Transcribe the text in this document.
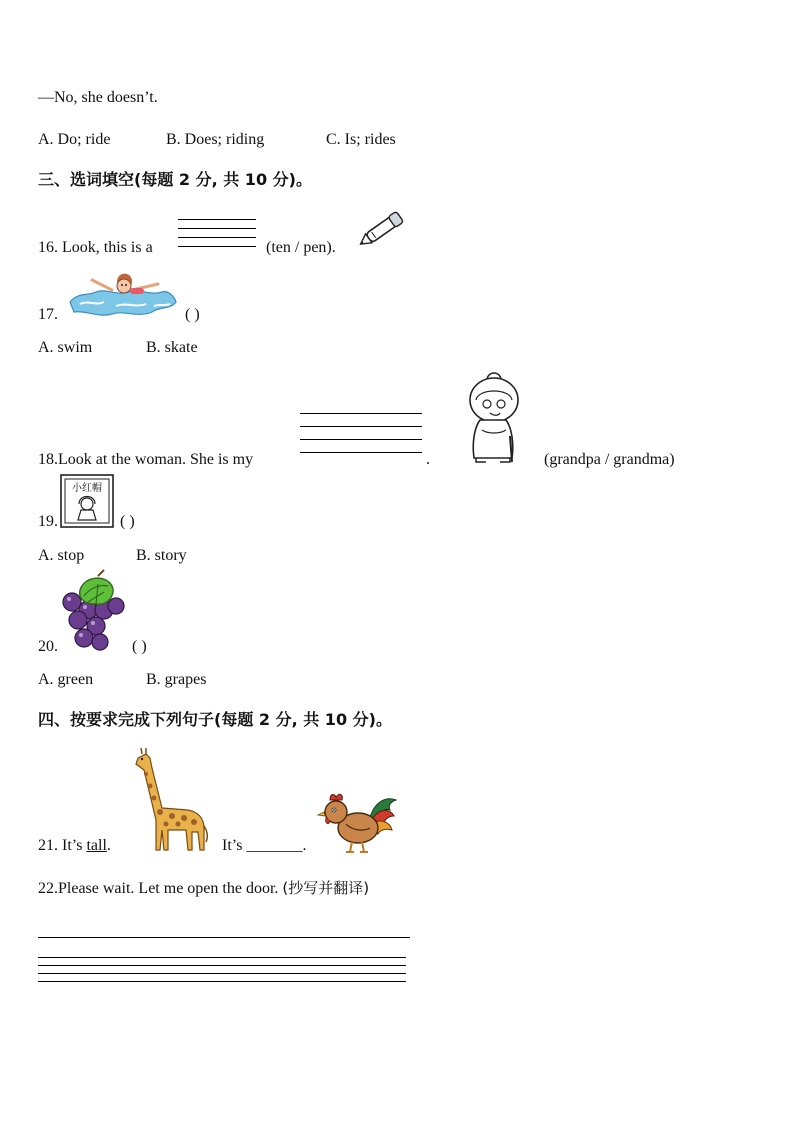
—No, she doesn’t.
A. Do; ride	B. Does; riding	C. Is; rides
三、选词填空(每题 2 分, 共 10 分)。
16. Look, this is a	(ten / pen).
17.	( )
A. swim	B. skate
18.Look at the woman. She is my	.	(grandpa / grandma)
小红帽
19.	( )
A. stop	B. story
20.	( )
A. green	B. grapes
四、按要求完成下列句子(每题 2 分, 共 10 分)。
21. It’s tall.	It’s _______.
22.Please wait. Let me open the door. (抄写并翻译)
